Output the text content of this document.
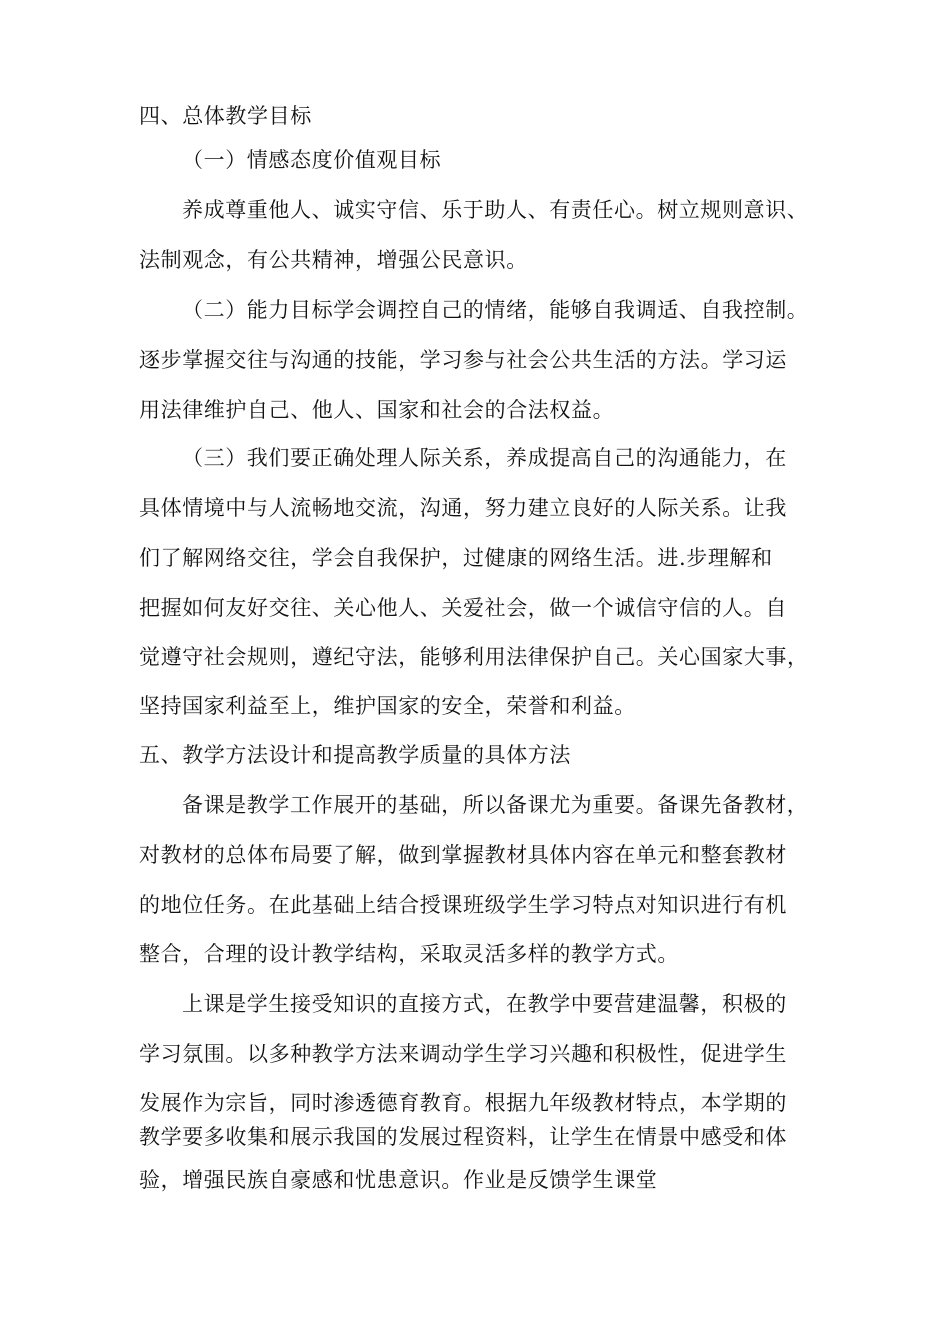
四、总体教学目标
（一）情感态度价值观目标
养成尊重他人、诚实守信、乐于助人、有责任心。树立规则意识、
法制观念，有公共精神，增强公民意识。
（二）能力目标学会调控自己的情绪，能够自我调适、自我控制。
逐步掌握交往与沟通的技能，学习参与社会公共生活的方法。学习运
用法律维护自己、他人、国家和社会的合法权益。
（三）我们要正确处理人际关系，养成提高自己的沟通能力，在
具体情境中与人流畅地交流，沟通，努力建立良好的人际关系。让我
们了解网络交往，学会自我保护，过健康的网络生活。进.步理解和
把握如何友好交往、关心他人、关爱社会，做一个诚信守信的人。自
觉遵守社会规则，遵纪守法，能够利用法律保护自己。关心国家大事，
坚持国家利益至上，维护国家的安全，荣誉和利益。
五、教学方法设计和提高教学质量的具体方法
备课是教学工作展开的基础，所以备课尤为重要。备课先备教材，
对教材的总体布局要了解，做到掌握教材具体内容在单元和整套教材
的地位任务。在此基础上结合授课班级学生学习特点对知识进行有机
整合，合理的设计教学结构，采取灵活多样的教学方式。
上课是学生接受知识的直接方式，在教学中要营建温馨，积极的
学习氛围。以多种教学方法来调动学生学习兴趣和积极性，促进学生
发展作为宗旨，同时渗透德育教育。根据九年级教材特点，本学期的
教学要多收集和展示我国的发展过程资料，让学生在情景中感受和体
验，增强民族自豪感和忧患意识。作业是反馈学生课堂
